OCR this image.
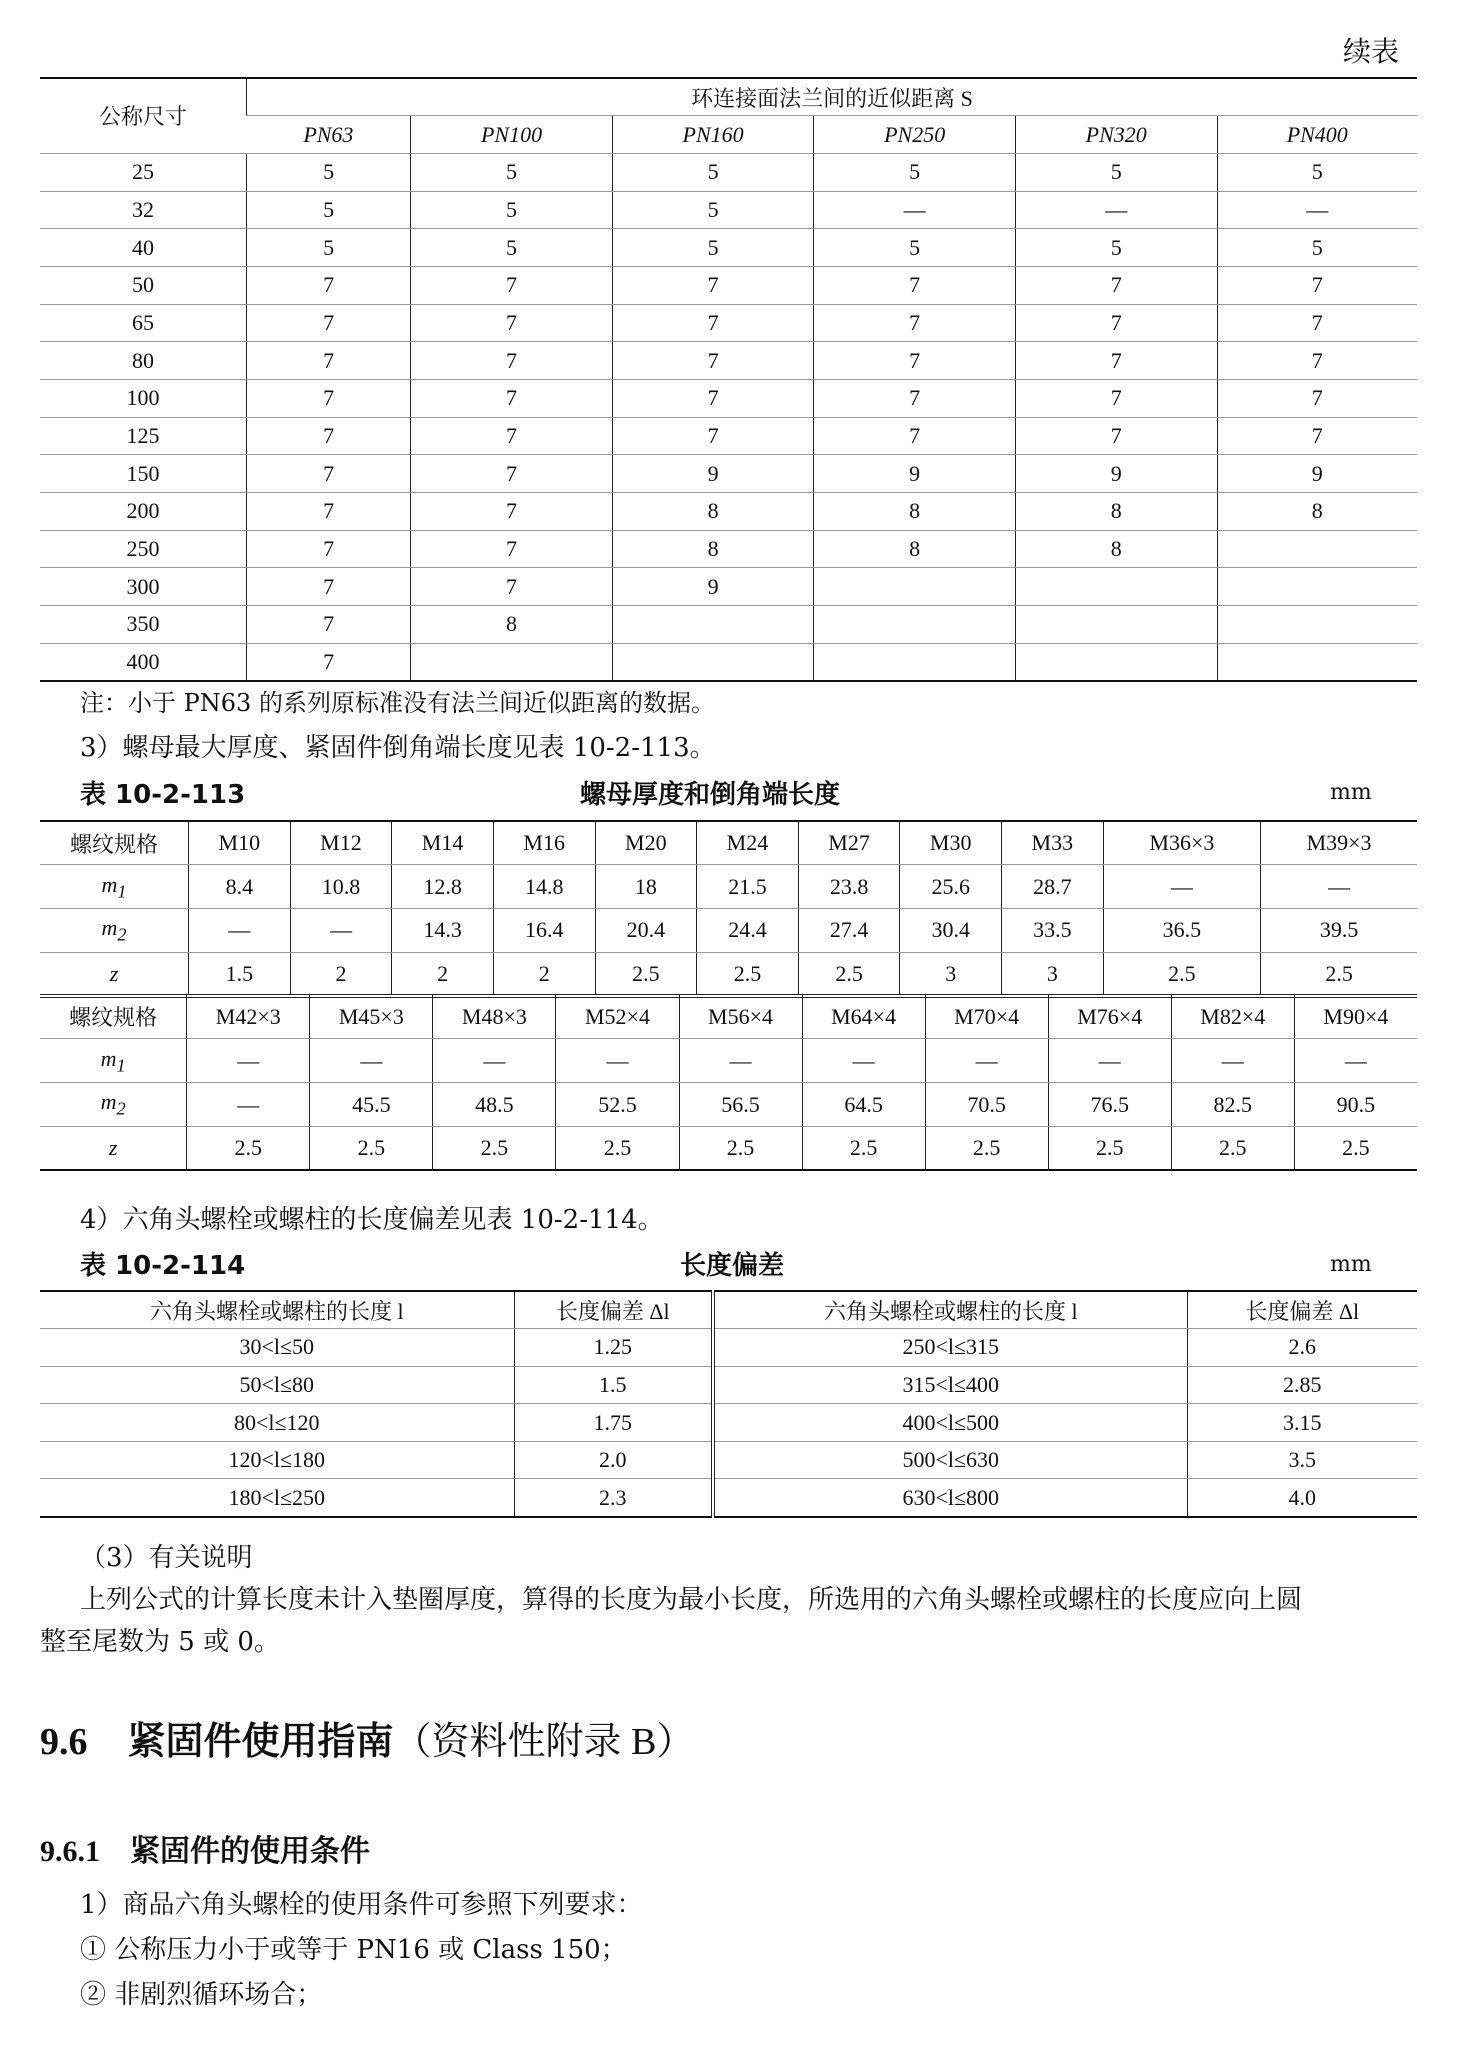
续表
公称尺寸	环连接面法兰间的近似距离 S					
	PN63	PN100	PN160	PN250	PN320	PN400
25	5	5	5	5	5	5
32	5	5	5	—	—	—
40	5	5	5	5	5	5
50	7	7	7	7	7	7
65	7	7	7	7	7	7
80	7	7	7	7	7	7
100	7	7	7	7	7	7
125	7	7	7	7	7	7
150	7	7	9	9	9	9
200	7	7	8	8	8	8
250	7	7	8	8	8	
300	7	7	9			
350	7	8				
400	7					
注：小于 PN63 的系列原标准没有法兰间近似距离的数据。
3）螺母最大厚度、紧固件倒角端长度见表 10-2-113。
表 10-2-113	螺母厚度和倒角端长度	mm
螺纹规格	M10	M12	M14	M16	M20	M24	M27	M30	M33	M36×3	M39×3
$m_1$	8.4	10.8	12.8	14.8	18	21.5	23.8	25.6	28.7	—	—
$m_2$	—	—	14.3	16.4	20.4	24.4	27.4	30.4	33.5	36.5	39.5
z	1.5	2	2	2	2.5	2.5	2.5	3	3	2.5	2.5
4）六角头螺栓或螺柱的长度偏差见表 10-2-114。
表 10-2-114	长度偏差	mm
六角头螺栓或螺柱的长度 l	长度偏差 Δl	六角头螺栓或螺柱的长度 l	长度偏差 Δl
30<l≤50	1.25	250<l≤315	2.6
50<l≤80	1.5	315<l≤400	2.85
80<l≤120	1.75	400<l≤500	3.15
120<l≤180	2.0	500<l≤630	3.5
180<l≤250	2.3	630<l≤800	4.0
（3）有关说明
上列公式的计算长度未计入垫圈厚度，算得的长度为最小长度，所选用的六角头螺栓或螺柱的长度应向上圆
整至尾数为 5 或 0。
9.6 紧固件使用指南（资料性附录 B）
9.6.1 紧固件的使用条件
1）商品六角头螺栓的使用条件可参照下列要求：
① 公称压力小于或等于 PN16 或 Class 150；
② 非剧烈循环场合；
螺纹规格	M42×3	M45×3	M48×3	M52×4	M56×4	M64×4	M70×4	M76×4	M82×4	M90×4
$m_1$	—	—	—	—	—	—	—	—	—	—
$m_2$	—	45.5	48.5	52.5	56.5	64.5	70.5	76.5	82.5	90.5
z	2.5	2.5	2.5	2.5	2.5	2.5	2.5	2.5	2.5	2.5
